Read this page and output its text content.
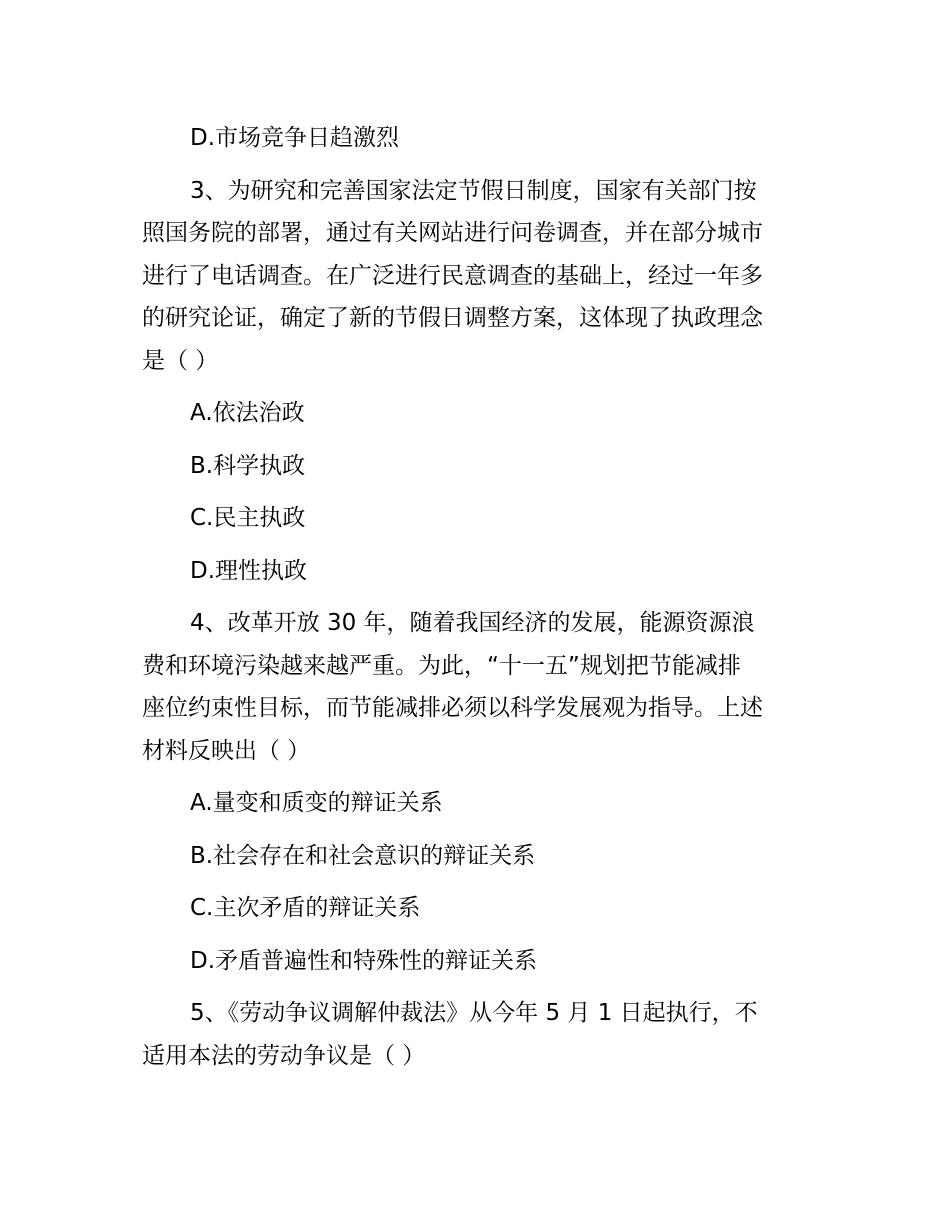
D.市场竞争日趋激烈

3、为研究和完善国家法定节假日制度，国家有关部门按

照国务院的部署，通过有关网站进行问卷调查，并在部分城市

进行了电话调查。在广泛进行民意调查的基础上，经过一年多

的研究论证，确定了新的节假日调整方案，这体现了执政理念

是（ ）

A.依法治政

B.科学执政

C.民主执政

D.理性执政

4、改革开放 30 年，随着我国经济的发展，能源资源浪

费和环境污染越来越严重。为此，“十一五”规划把节能减排

座位约束性目标，而节能减排必须以科学发展观为指导。上述

材料反映出（ ）

A.量变和质变的辩证关系

B.社会存在和社会意识的辩证关系

C.主次矛盾的辩证关系

D.矛盾普遍性和特殊性的辩证关系

5、《劳动争议调解仲裁法》从今年 5 月 1 日起执行，不

适用本法的劳动争议是（ ）
